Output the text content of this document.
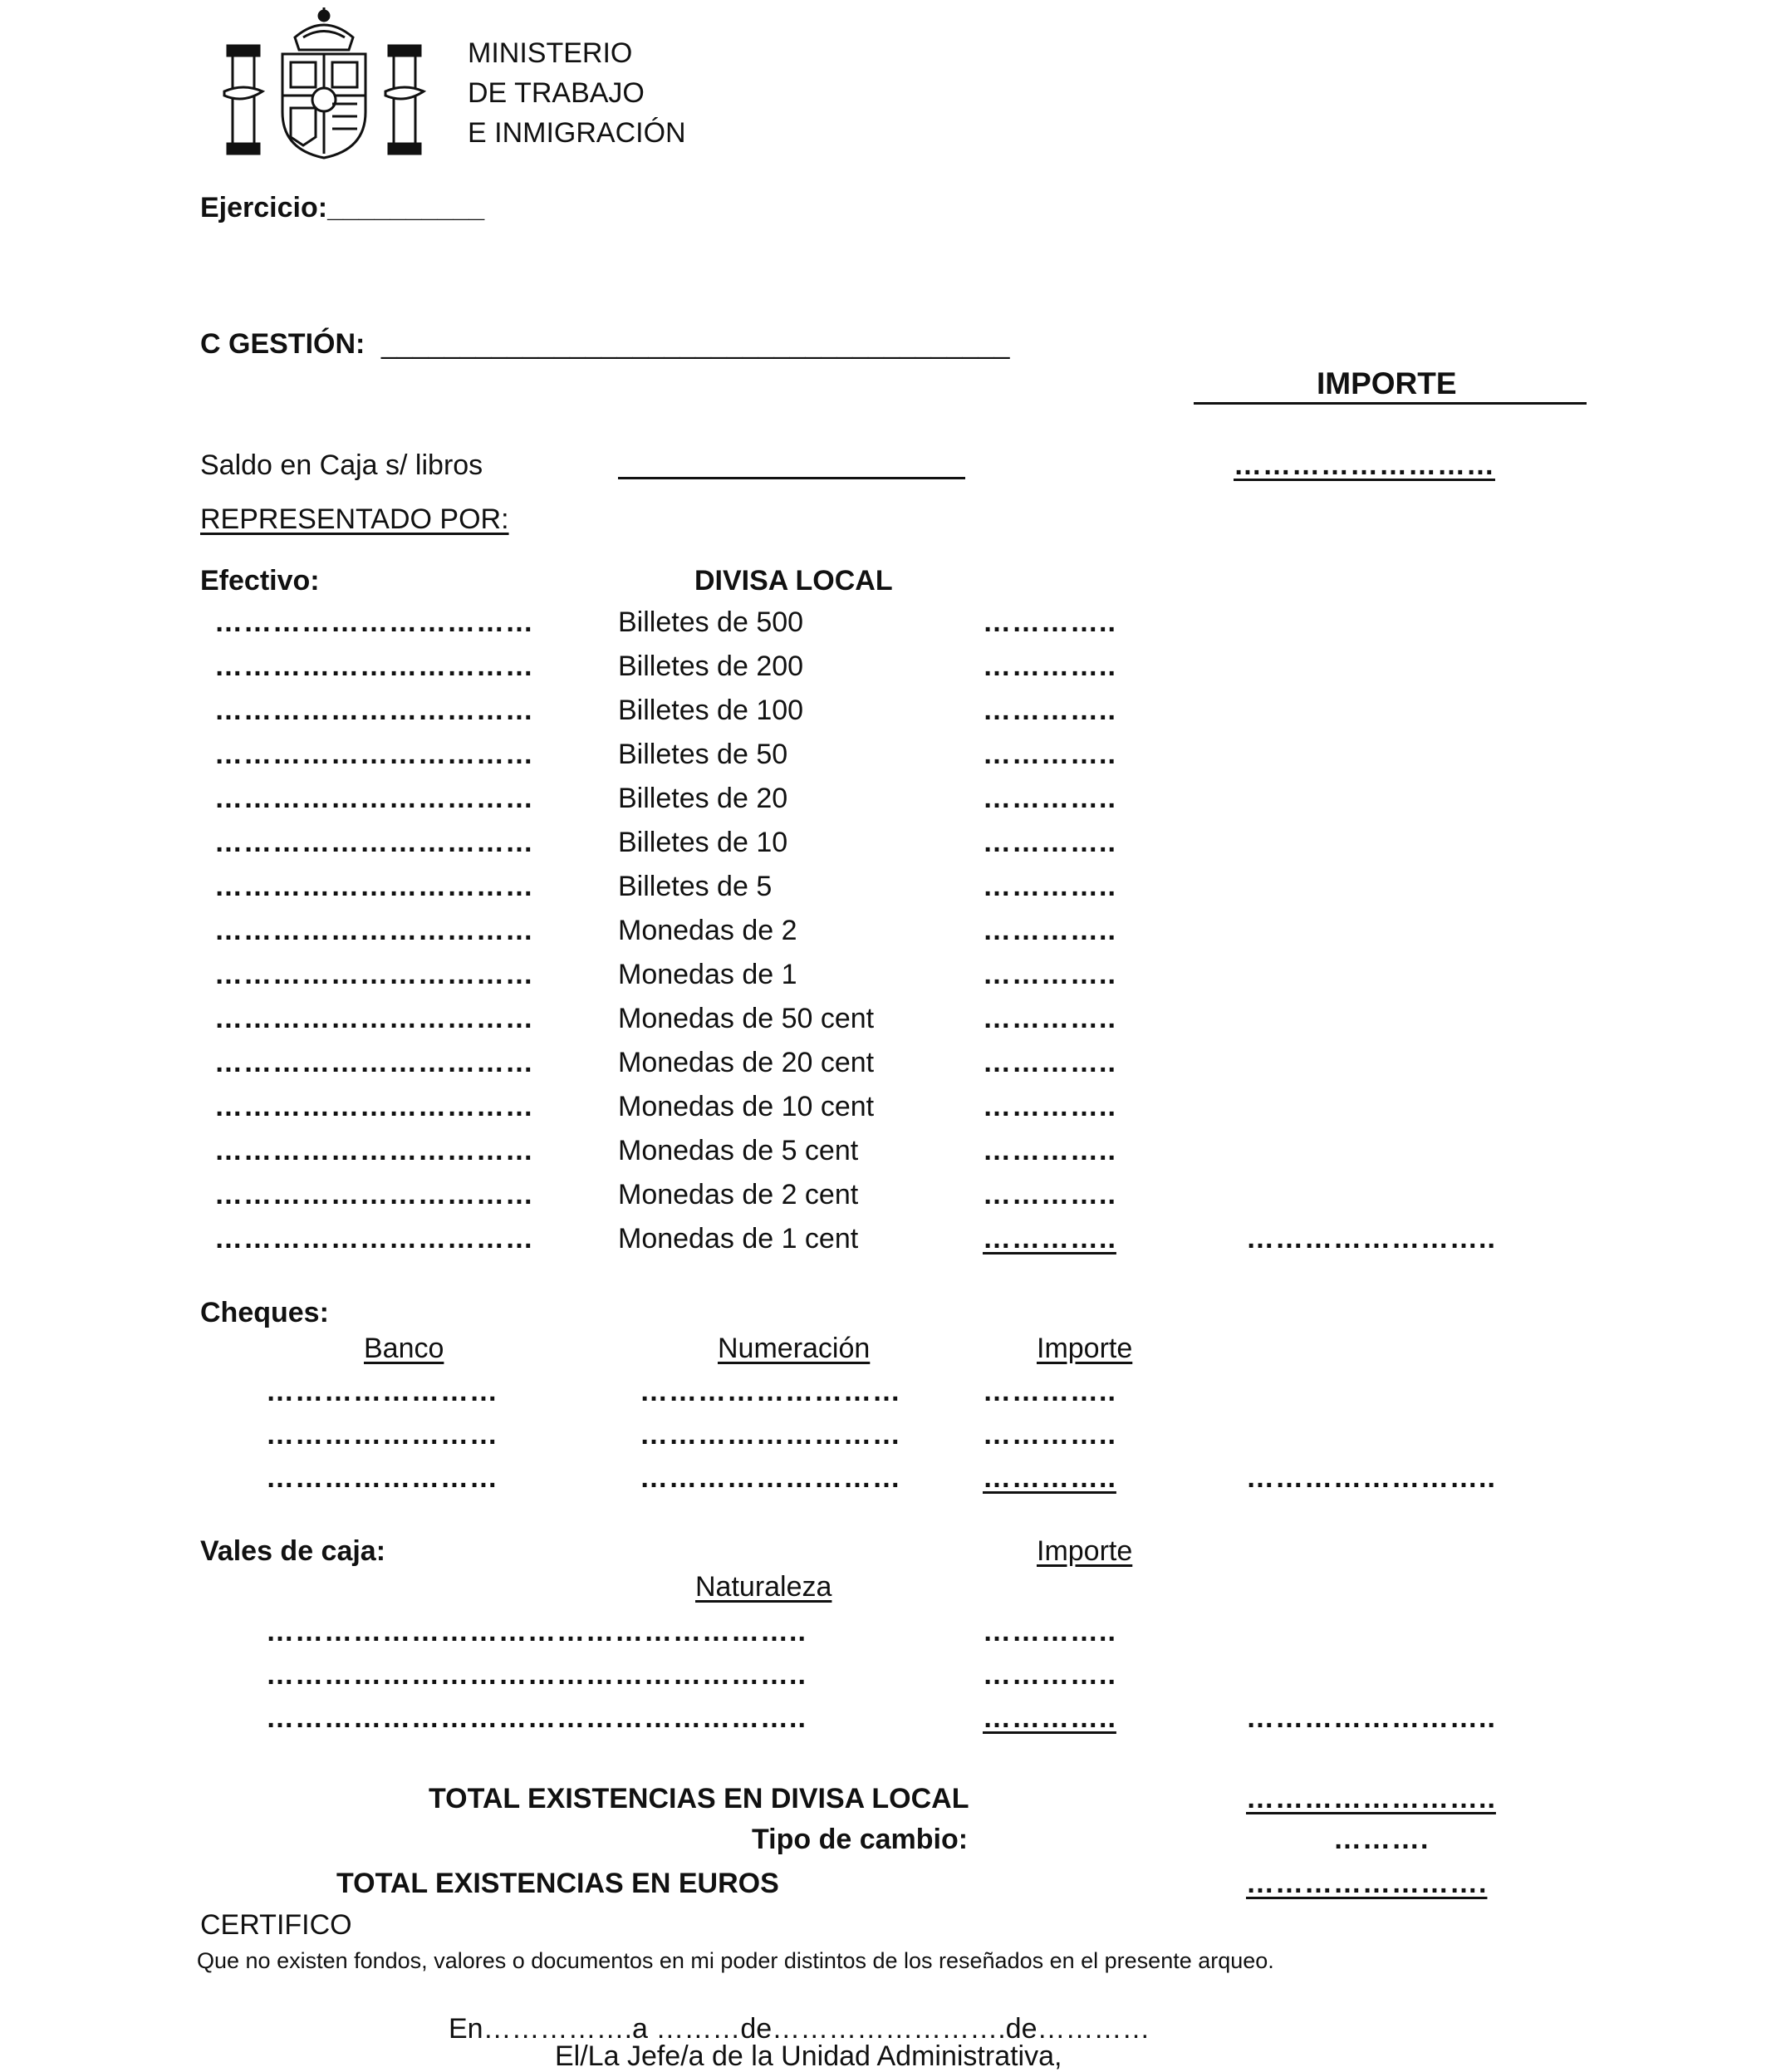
MINISTERIO
DE TRABAJO
E INMIGRACIÓN
Ejercicio:__________
C GESTIÓN: ________________________________________
IMPORTE
Saldo en Caja s/ libros	………………………
REPRESENTADO POR:
Efectivo:	DIVISA LOCAL
……………………………	Billetes de 500	…………..
……………………………	Billetes de 200	…………..
……………………………	Billetes de 100	…………..
……………………………	Billetes de 50	…………..
……………………………	Billetes de 20	…………..
……………………………	Billetes de 10	…………..
……………………………	Billetes de 5	…………..
……………………………	Monedas de 2	…………..
……………………………	Monedas de 1	…………..
……………………………	Monedas de 50 cent	…………..
……………………………	Monedas de 20 cent	…………..
……………………………	Monedas de 10 cent	…………..
……………………………	Monedas de 5 cent	…………..
……………………………	Monedas de 2 cent	…………..
……………………………	Monedas de 1 cent	…………..	……………………..
Cheques:
Banco	Numeración	Importe
……………………	………………………	…………..
……………………	………………………	…………..
……………………	………………………	…………..	……………………..
Vales de caja:	Importe
Naturaleza
………………………………………………..	…………..
………………………………………………..	…………..
………………………………………………..	…………..	……………………..
TOTAL EXISTENCIAS EN DIVISA LOCAL	……………………..
Tipo de cambio:	……….
TOTAL EXISTENCIAS EN EUROS	…………………….
CERTIFICO
Que no existen fondos, valores o documentos en mi poder distintos de los reseñados en el presente arqueo.
En…………….a ………de…………………….de…………
El/La Jefe/a de la Unidad Administrativa,
